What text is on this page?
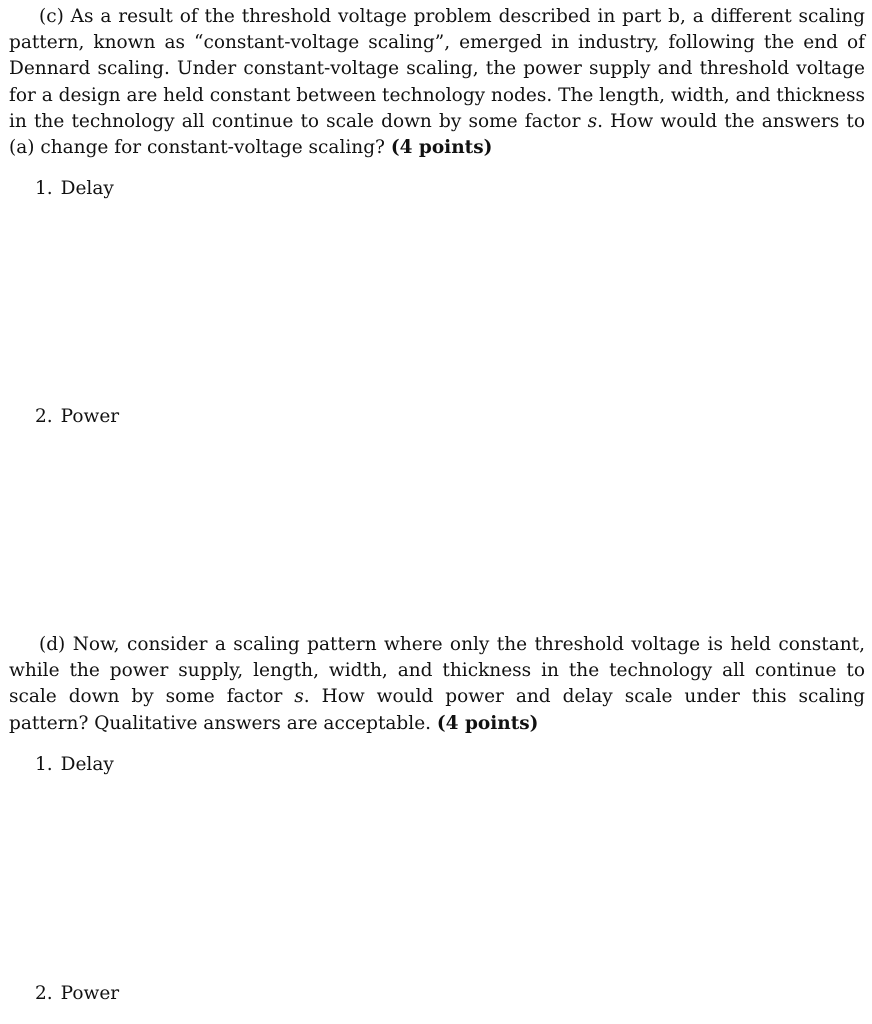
(c) As a result of the threshold voltage problem described in part b, a different scaling pattern, known as “constant-voltage scaling”, emerged in industry, following the end of Dennard scaling. Under constant-voltage scaling, the power supply and threshold voltage for a design are held constant between technology nodes. The length, width, and thickness in the technology all continue to scale down by some factor s. How would the answers to (a) change for constant-voltage scaling? (4 points)

1. Delay
2. Power

(d) Now, consider a scaling pattern where only the threshold voltage is held constant, while the power supply, length, width, and thickness in the technology all continue to scale down by some factor s. How would power and delay scale under this scaling pattern? Qualitative answers are acceptable. (4 points)

1. Delay
2. Power
